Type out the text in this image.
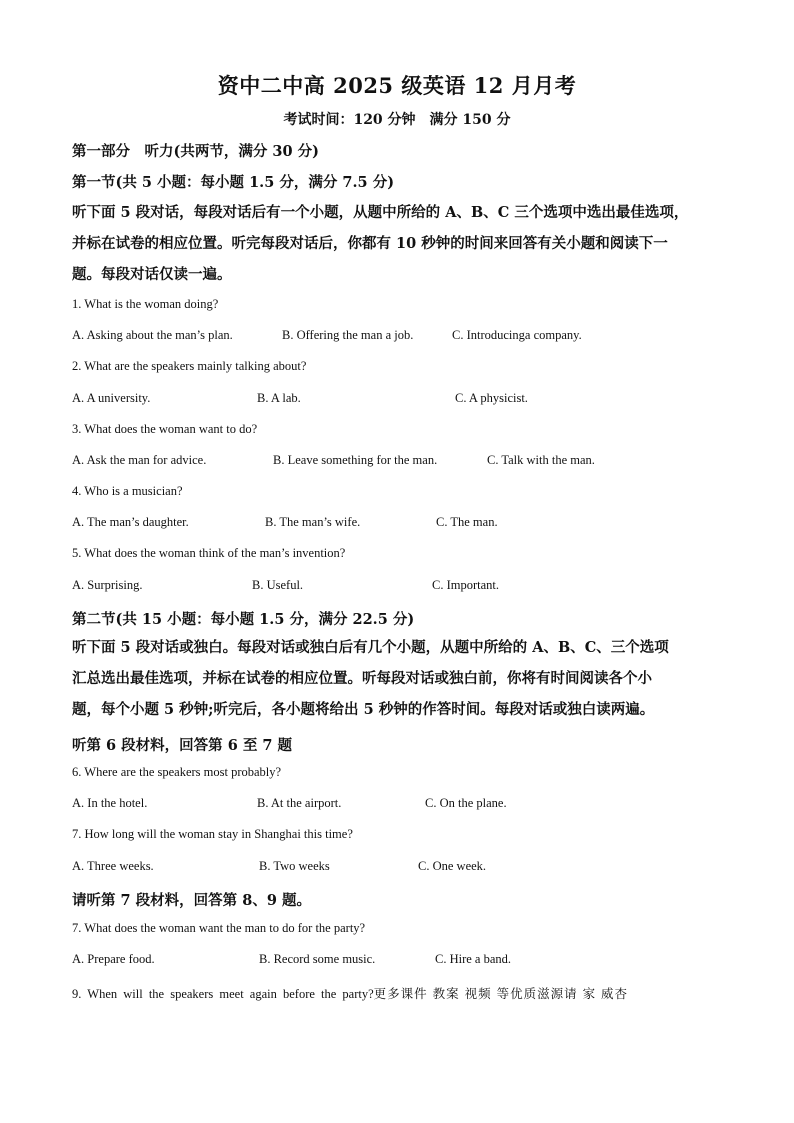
资中二中高 2025 级英语 12 月月考
考试时间：120 分钟　满分 150 分
第一部分　听力(共两节，满分 30 分)
第一节(共 5 小题：每小题 1.5 分，满分 7.5 分)
听下面 5 段对话，每段对话后有一个小题，从题中所给的 A、B、C 三个选项中选出最佳选项，
并标在试卷的相应位置。听完每段对话后，你都有 10 秒钟的时间来回答有关小题和阅读下一
题。每段对话仅读一遍。
1. What is the woman doing?
A. Asking about the man’s plan.	B. Offering the man a job.	C. Introducinga company.
2. What are the speakers mainly talking about?
A. A university.	B. A lab.	C. A physicist.
3. What does the woman want to do?
A. Ask the man for advice.	B. Leave something for the man.	C. Talk with the man.
4. Who is a musician?
A. The man’s daughter.	B. The man’s wife.	C. The man.
5. What does the woman think of the man’s invention?
A. Surprising.	B. Useful.	C. Important.
第二节(共 15 小题：每小题 1.5 分，满分 22.5 分)
听下面 5 段对话或独白。每段对话或独白后有几个小题，从题中所给的 A、B、C、三个选项
汇总选出最佳选项，并标在试卷的相应位置。听每段对话或独白前，你将有时间阅读各个小
题，每个小题 5 秒钟;听完后，各小题将给出 5 秒钟的作答时间。每段对话或独白读两遍。
听第 6 段材料，回答第 6 至 7 题
6. Where are the speakers most probably?
A. In the hotel.	B. At the airport.	C. On the plane.
7. How long will the woman stay in Shanghai this time?
A. Three weeks.	B. Two weeks	C. One week.
请听第 7 段材料，回答第 8、9 题。
7. What does the woman want the man to do for the party?
A. Prepare food.	B. Record some music.	C. Hire a band.
9. When will the speakers meet again before the party?更多课件 教案 视频 等优质滋源请 家 威杏
